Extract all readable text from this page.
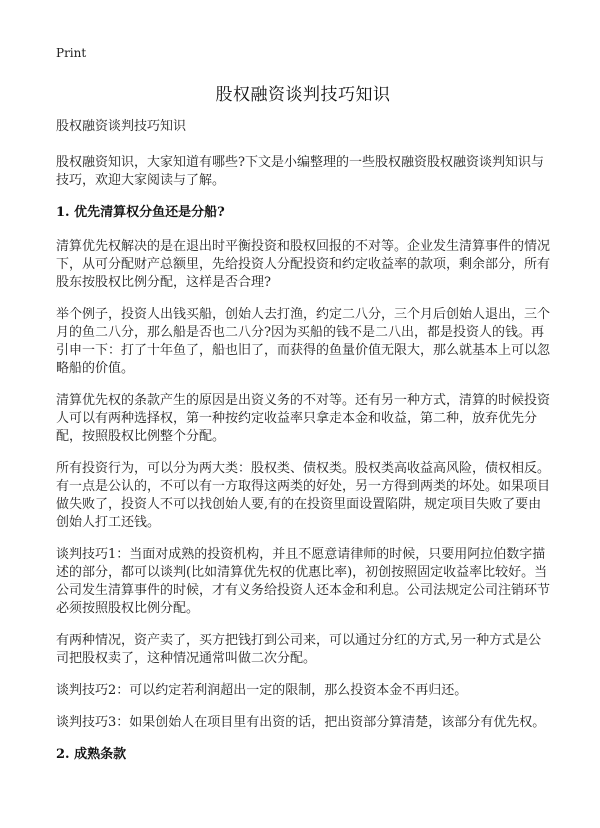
Print
股权融资谈判技巧知识

股权融资谈判技巧知识

股权融资知识，大家知道有哪些?下文是小编整理的一些股权融资股权融资谈判知识与技巧，欢迎大家阅读与了解。

1. 优先清算权分鱼还是分船?

清算优先权解决的是在退出时平衡投资和股权回报的不对等。企业发生清算事件的情况下，从可分配财产总额里，先给投资人分配投资和约定收益率的款项，剩余部分，所有股东按股权比例分配，这样是否合理?

举个例子，投资人出钱买船，创始人去打渔，约定二八分，三个月后创始人退出，三个月的鱼二八分，那么船是否也二八分?因为买船的钱不是二八出，都是投资人的钱。再引申一下：打了十年鱼了，船也旧了，而获得的鱼量价值无限大，那么就基本上可以忽略船的价值。

清算优先权的条款产生的原因是出资义务的不对等。还有另一种方式，清算的时候投资人可以有两种选择权，第一种按约定收益率只拿走本金和收益，第二种，放弃优先分配，按照股权比例整个分配。

所有投资行为，可以分为两大类：股权类、债权类。股权类高收益高风险，债权相反。有一点是公认的，不可以有一方取得这两类的好处，另一方得到两类的坏处。如果项目做失败了，投资人不可以找创始人要,有的在投资里面设置陷阱，规定项目失败了要由创始人打工还钱。

谈判技巧1：当面对成熟的投资机构，并且不愿意请律师的时候，只要用阿拉伯数字描述的部分，都可以谈判(比如清算优先权的优惠比率)，初创按照固定收益率比较好。当公司发生清算事件的时候，才有义务给投资人还本金和利息。公司法规定公司注销环节必须按照股权比例分配。

有两种情况，资产卖了，买方把钱打到公司来，可以通过分红的方式,另一种方式是公司把股权卖了，这种情况通常叫做二次分配。

谈判技巧2：可以约定若利润超出一定的限制，那么投资本金不再归还。

谈判技巧3：如果创始人在项目里有出资的话，把出资部分算清楚，该部分有优先权。

2. 成熟条款
